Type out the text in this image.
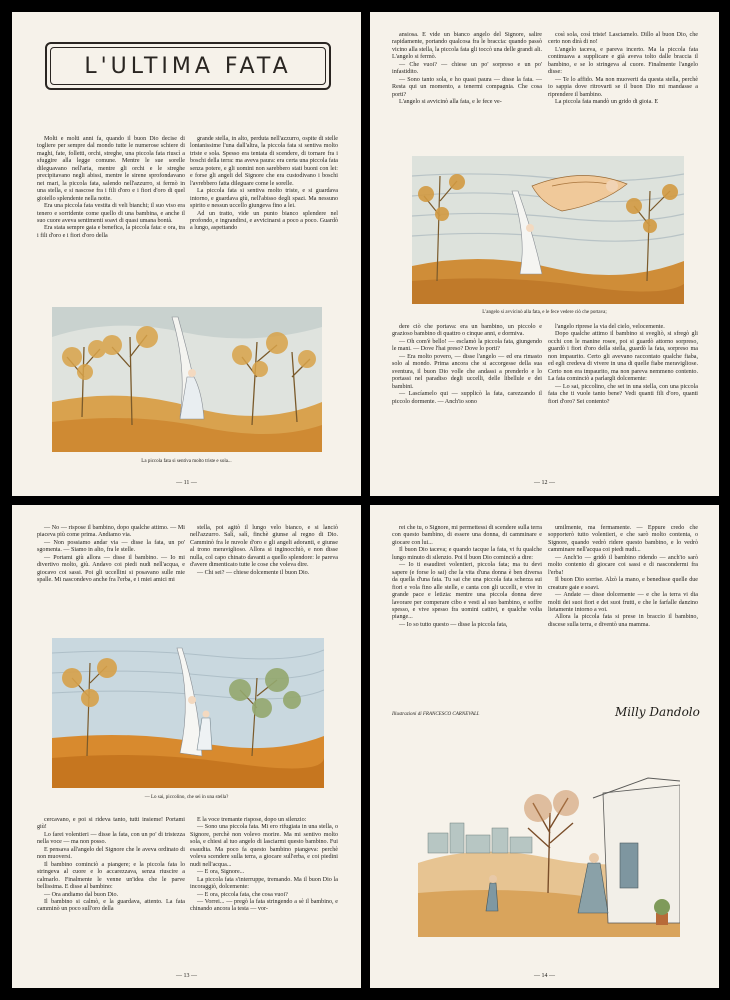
L'ULTIMA FATA

Molti e molti anni fa, quando il buon Dio decise di togliere per sempre dal mondo tutte le numerose schiere di maghi, fate, folletti, orchi, streghe, una piccola fata riuscì a sfuggire alla legge comune. Mentre le sue sorelle dileguavano nell'aria, mentre gli orchi e le streghe precipitavano negli abissi, mentre le sirene sprofondavano nei mari, la piccola fata, salendo nell'azzurro, si fermò in una stella, e si nascose fra i fili d'oro e i fiori d'oro di quel gioiello splendente nella notte.

Era una piccola fata vestita di veli bianchi; il suo viso era tenero e sorridente come quello di una bambina, e anche il suo cuore aveva sentimenti soavi di quasi umana bontà.

Era stata sempre gaia e benefica, la piccola fata: e ora, tra i fili d'oro e i fiori d'oro della

grande stella, in alto, perduta nell'azzurro, ospite di stelle lontanissime l'una dall'altra, la piccola fata si sentiva molto triste e sola. Spesso era tentata di scendere, di tornare fra i boschi della terra: ma aveva paura: era certa una piccola fata senza potere, e gli uomini non sarebbero stati buoni con lei: e forse gli angeli del Signore che era custodivano i boschi l'avrebbero fatta dileguare come le sorelle.

La piccola fata si sentiva molto triste, e si guardava intorno, e guardava giù, nell'abisso degli spazi. Ma nessuno spirito e nessun uccello giungeva fino a lei.

Ad un tratto, vide un punto bianco splendere nel profondo, e ingrandirsi, e avvicinarsi a poco a poco. Guardò a lungo, aspettando

La piccola fata si sentiva molto triste e sola...
— 11 —

ansiosa. E vide un bianco angelo del Signore, salire rapidamente, portando qualcosa fra le braccia: quando passò vicino alla stella, la piccola fata gli toccò una delle grandi ali. L'angelo si fermò.

— Che vuoi? — chiese un po' sorpreso e un po' infastidito.

— Sono tanto sola, e ho quasi paura — disse la fata. — Resta qui un momento, a tenermi compagnia. Che cosa porti?

L'angelo si avvicinò alla fata, e le fece ve-

così sola, così triste! Lasciamelo. Dillo al buon Dio, che certo non dirà di no!

L'angelo taceva, e pareva incerto. Ma la piccola fata continuava a supplicare e già aveva tolto dalle braccia il bambino, e se lo stringeva al cuore. Finalmente l'angelo disse:

— Te lo affido. Ma non muoverti da questa stella, perchè io sappia dove ritrovarti se il buon Dio mi mandasse a riprendere il bambino.

La piccola fata mandò un grido di gioia. E

L'angelo si avvicinò alla fata, e le fece vedere ciò che portava;

dere ciò che portava: era un bambino, un piccolo e grazioso bambino di quattro o cinque anni, e dormiva.

— Oh com'è bello! — esclamò la piccola fata, giungendo le mani. — Dove l'hai preso? Dove lo porti?

— Era molto povero, — disse l'angelo — ed era rimasto solo al mondo. Prima ancora che si accorgesse della sua sventura, il buon Dio volle che andassi a prenderlo e lo portassi nel paradiso degli uccelli, delle libellule e dei bambini.

— Lascíamelo qui — supplicò la fata, carezzando il piccolo dormente. — Anch'io sono

l'angelo riprese la via del cielo, velocemente.

Dopo qualche attimo il bambino si svegliò, si sfregò gli occhi con le manine rosee, poi si guardò attorno sorpreso, guardò i fiori d'oro della stella, guardò la fata, sorpreso ma non impaurito. Certo gli avevano raccontato qualche fiaba, ed egli credeva di vivere in una di quelle fiabe meravigliose. Certo non era impaurito, ma non pareva nemmeno contento. La fata cominciò a parlargli dolcemente:

— Lo sai, piccolino, che sei in una stella, con una piccola fata che ti vuole tanto bene? Vedi quanti fili d'oro, quanti fiori d'oro? Sei contento?

— 12 —

— No — rispose il bambino, dopo qualche attimo. — Mi piaceva più come prima. Andiamo via.

— Non possiamo andar via — disse la fata, un po' sgomenta. — Siamo in alto, fra le stelle.

— Portami giù allora — disse il bambino. — Io mi divertivo molto, giù. Andavo coi piedi nudi nell'acqua, e giocavo coi sassi. Poi gli uccellini si posavano sulle mie spalle. Mi nascondevo anche fra l'erba, e i miei amici mi

stella, poi agitò il lungo velo bianco, e si lanciò nell'azzurro. Salì, salì, finchè giunse al regno di Dio. Camminò fra le nuvole d'oro e gli angeli adoranti, e giunse al trono meraviglioso. Allora si inginocchiò, e non disse nulla, col capo chinato davanti a quello splendore: le pareva d'avere dimenticato tutte le cose che voleva dire.

— Chi sei? — chiese dolcemente il buon Dio.

— Lo sai, piccolino, che sei in una stella?

cercavano, e poi si rideva tanto, tutti insieme! Portami giù!

Lo farei volentieri — disse la fata, con un po' di tristezza nella voce — ma non posso.

E pensava all'angelo del Signore che le aveva ordinato di non muoversi.

Il bambino cominciò a piangere; e la piccola fata lo stringeva al cuore e lo accarezzava, senza riuscire a calmarlo. Finalmente le venne un'idea che le parve bellissima. E disse al bambino:

— Ora andiamo dal buon Dio.

Il bambino si calmò, e la guardava, attento. La fata camminò un poco sull'oro della

E la voce tremante rispose, dopo un silenzio:

— Sono una piccola fata. Mi ero rifugiata in una stella, o Signore, perchè non volevo morire. Ma mi sentivo molto sola, e chiesi al tuo angelo di lasciarmi questo bambino. Fui esaudita. Ma poco fa questo bambino piangeva: perchè voleva scendere sulla terra, a giocare sull'erba, e coi piedini nudi nell'acqua...

— E ora, Signore...

La piccola fata s'interruppe, tremando. Ma il buon Dio la incoraggiò, dolcemente:

— E ora, piccola fata, che cosa vuoi?

— Vorrei... — pregò la fata stringendo a sè il bambino, e chinando ancora la testa — vor-

— 13 —

rei che tu, o Signore, mi permettessi di scendere sulla terra con questo bambino, di essere una donna, di camminare e giocare con lui...

Il buon Dio taceva; e quando tacque la fata, vi fu qualche lungo minuto di silenzio. Poi il buon Dio cominciò a dire:

— Io ti esaudirei volentieri, piccola fata; ma tu devi sapere (e forse lo sai) che la vita d'una donna è ben diversa da quella d'una fata. Tu sai che una piccola fata scherza sui fiori e vola fino alle stelle, e canta con gli uccelli, e vive in grande pace e letizia: mentre una piccola donna deve lavorare per comperare cibo e vesti al suo bambino, e soffre spesso, e vive spesso fra uomini cattivi, e qualche volta piange...

— Io so tutto questo — disse la piccola fata,

umilmente, ma fermamente. — Eppure credo che sopporterò tutto volentieri, e che sarò molto contenta, o Signore, quando vedrò ridere questo bambino, e lo vedrò camminare nell'acqua coi piedi nudi...

— Anch'io — gridò il bambino ridendo — anch'io sarò molto contento di giocare coi sassi e di nascondermi fra l'erba!

Il buon Dio sorrise. Alzò la mano, e benedisse quelle due creature gaie e soavi.

— Andate — disse dolcemente — e che la terra vi dia molti dei suoi fiori e dei suoi frutti, e che le farfalle danzino lietamente intorno a voi.

Allora la piccola fata si prese in braccio il bambino, discese sulla terra, e diventò una mamma.

Illustrazioni di FRANCESCO CARNEVALI.	Milly Dandolo
— 14 —
